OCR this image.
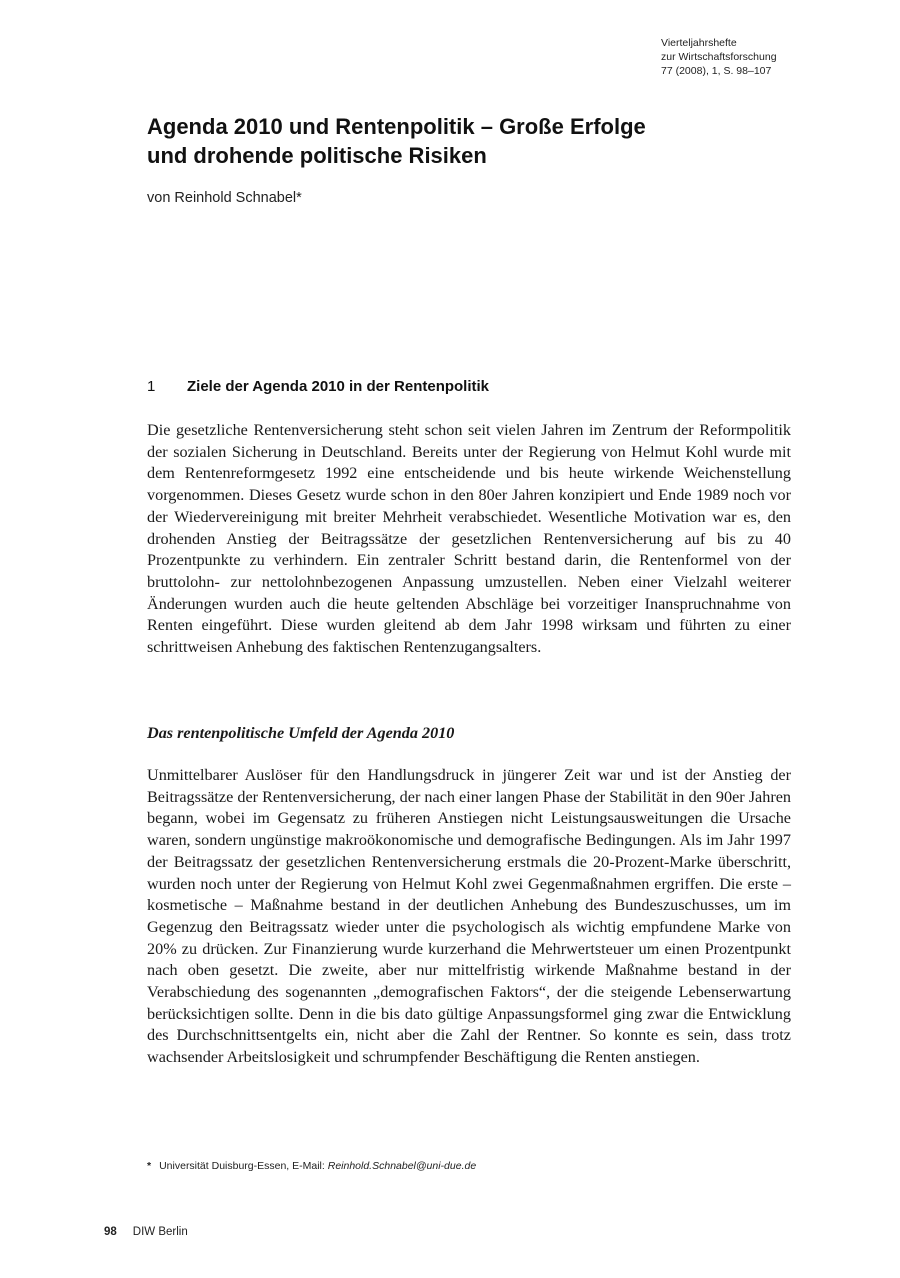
Vierteljahrshefte
zur Wirtschaftsforschung
77 (2008), 1, S. 98–107
Agenda 2010 und Rentenpolitik – Große Erfolge
und drohende politische Risiken
von Reinhold Schnabel*
1 Ziele der Agenda 2010 in der Rentenpolitik

Die gesetzliche Rentenversicherung steht schon seit vielen Jahren im Zentrum der Reformpolitik der sozialen Sicherung in Deutschland. Bereits unter der Regierung von Helmut Kohl wurde mit dem Rentenreformgesetz 1992 eine entscheidende und bis heute wirkende Weichenstellung vorgenommen. Dieses Gesetz wurde schon in den 80er Jahren konzipiert und Ende 1989 noch vor der Wiedervereinigung mit breiter Mehrheit verabschiedet. Wesentliche Motivation war es, den drohenden Anstieg der Beitragssätze der gesetzlichen Rentenversicherung auf bis zu 40 Prozentpunkte zu verhindern. Ein zentraler Schritt bestand darin, die Rentenformel von der bruttolohn- zur nettolohnbezogenen Anpassung umzustellen. Neben einer Vielzahl weiterer Änderungen wurden auch die heute geltenden Abschläge bei vorzeitiger Inanspruchnahme von Renten eingeführt. Diese wurden gleitend ab dem Jahr 1998 wirksam und führten zu einer schrittweisen Anhebung des faktischen Rentenzugangsalters.

Das rentenpolitische Umfeld der Agenda 2010

Unmittelbarer Auslöser für den Handlungsdruck in jüngerer Zeit war und ist der Anstieg der Beitragssätze der Rentenversicherung, der nach einer langen Phase der Stabilität in den 90er Jahren begann, wobei im Gegensatz zu früheren Anstiegen nicht Leistungsausweitungen die Ursache waren, sondern ungünstige makroökonomische und demografische Bedingungen. Als im Jahr 1997 der Beitragssatz der gesetzlichen Rentenversicherung erstmals die 20-Prozent-Marke überschritt, wurden noch unter der Regierung von Helmut Kohl zwei Gegenmaßnahmen ergriffen. Die erste – kosmetische – Maßnahme bestand in der deutlichen Anhebung des Bundeszuschusses, um im Gegenzug den Beitragssatz wieder unter die psychologisch als wichtig empfundene Marke von 20% zu drücken. Zur Finanzierung wurde kurzerhand die Mehrwertsteuer um einen Prozentpunkt nach oben gesetzt. Die zweite, aber nur mittelfristig wirkende Maßnahme bestand in der Verabschiedung des sogenannten „demografischen Faktors“, der die steigende Lebenserwartung berücksichtigen sollte. Denn in die bis dato gültige Anpassungsformel ging zwar die Entwicklung des Durchschnittsentgelts ein, nicht aber die Zahl der Rentner. So konnte es sein, dass trotz wachsender Arbeitslosigkeit und schrumpfender Beschäftigung die Renten anstiegen.

* Universität Duisburg-Essen, E-Mail: Reinhold.Schnabel@uni-due.de
98 DIW Berlin
